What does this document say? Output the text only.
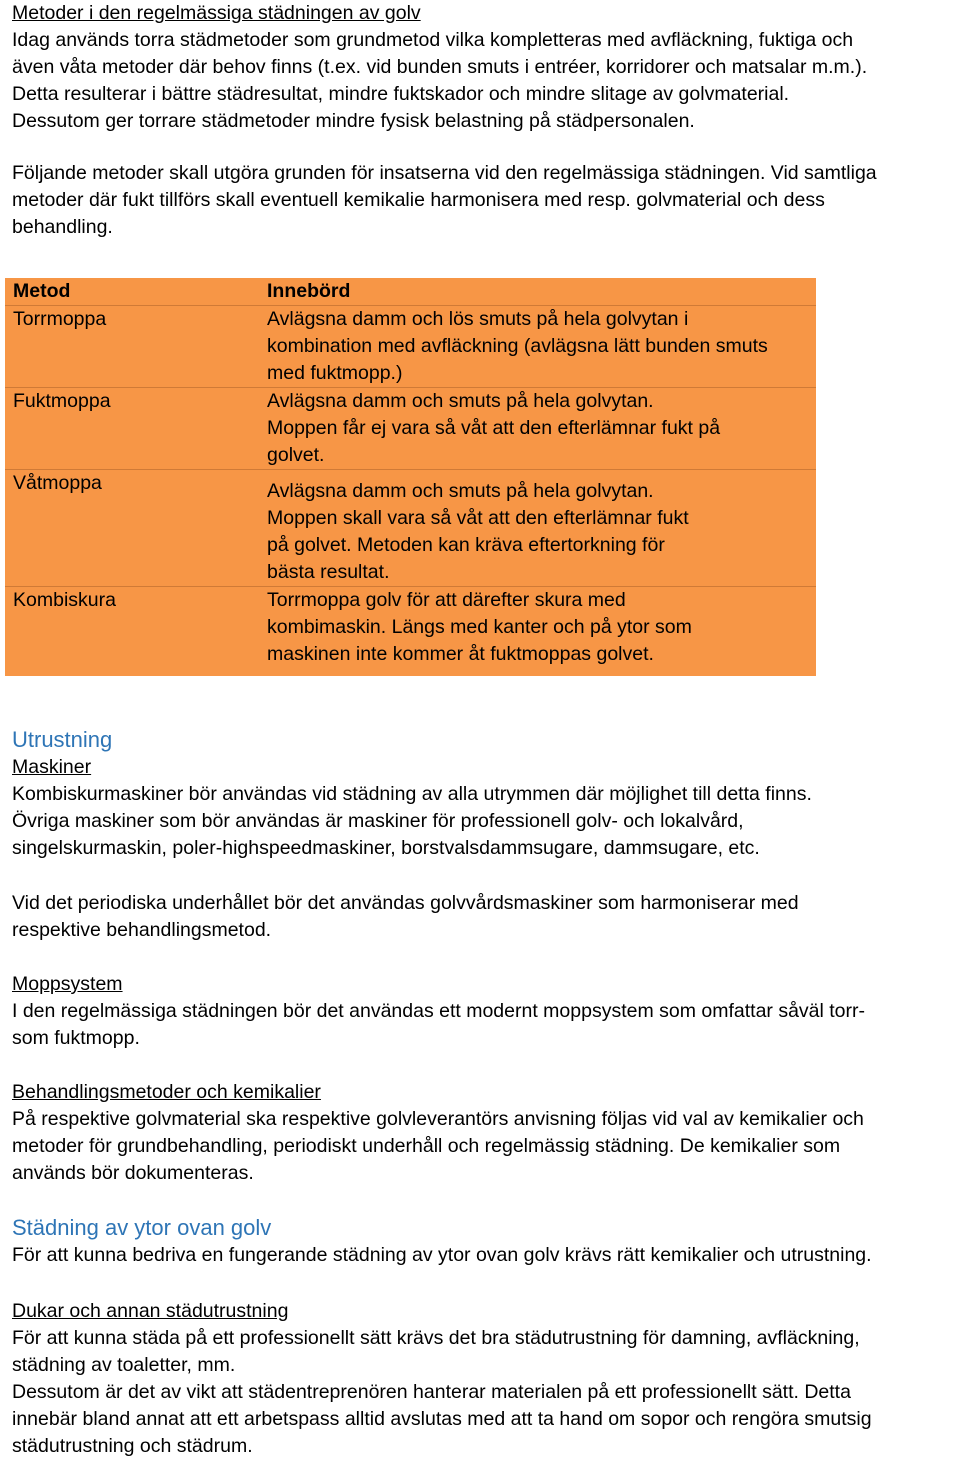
Metoder i den regelmässiga städningen av golv
Idag används torra städmetoder som grundmetod vilka kompletteras med avfläckning, fuktiga och
även våta metoder där behov finns (t.ex. vid bunden smuts i entréer, korridorer och matsalar m.m.).
Detta resulterar i bättre städresultat, mindre fuktskador och mindre slitage av golvmaterial.
Dessutom ger torrare städmetoder mindre fysisk belastning på städpersonalen.
Följande metoder skall utgöra grunden för insatserna vid den regelmässiga städningen. Vid samtliga
metoder där fukt tillförs skall eventuell kemikalie harmonisera med resp. golvmaterial och dess
behandling.
Metod	Innebörd
Torrmoppa	Avlägsna damm och lös smuts på hela golvytan i
kombination med avfläckning (avlägsna lätt bunden smuts
med fuktmopp.)

Fuktmoppa	Avlägsna damm och smuts på hela golvytan.
Moppen får ej vara så våt att den efterlämnar fukt på
golvet.

Våtmoppa	Avlägsna damm och smuts på hela golvytan.
Moppen skall vara så våt att den efterlämnar fukt
på golvet. Metoden kan kräva eftertorkning för
bästa resultat.

Kombiskura	Torrmoppa golv för att därefter skura med
kombimaskin. Längs med kanter och på ytor som
maskinen inte kommer åt fuktmoppas golvet.
Utrustning
Maskiner
Kombiskurmaskiner bör användas vid städning av alla utrymmen där möjlighet till detta finns.
Övriga maskiner som bör användas är maskiner för professionell golv- och lokalvård,
singelskurmaskin, poler-highspeedmaskiner, borstvalsdammsugare, dammsugare, etc.
Vid det periodiska underhållet bör det användas golvvårdsmaskiner som harmoniserar med
respektive behandlingsmetod.
Moppsystem
I den regelmässiga städningen bör det användas ett modernt moppsystem som omfattar såväl torr-
som fuktmopp.
Behandlingsmetoder och kemikalier
På respektive golvmaterial ska respektive golvleverantörs anvisning följas vid val av kemikalier och
metoder för grundbehandling, periodiskt underhåll och regelmässig städning. De kemikalier som
används bör dokumenteras.
Städning av ytor ovan golv
För att kunna bedriva en fungerande städning av ytor ovan golv krävs rätt kemikalier och utrustning.
Dukar och annan städutrustning
För att kunna städa på ett professionellt sätt krävs det bra städutrustning för damning, avfläckning,
städning av toaletter, mm.
Dessutom är det av vikt att städentreprenören hanterar materialen på ett professionellt sätt. Detta
innebär bland annat att ett arbetspass alltid avslutas med att ta hand om sopor och rengöra smutsig
städutrustning och städrum.
